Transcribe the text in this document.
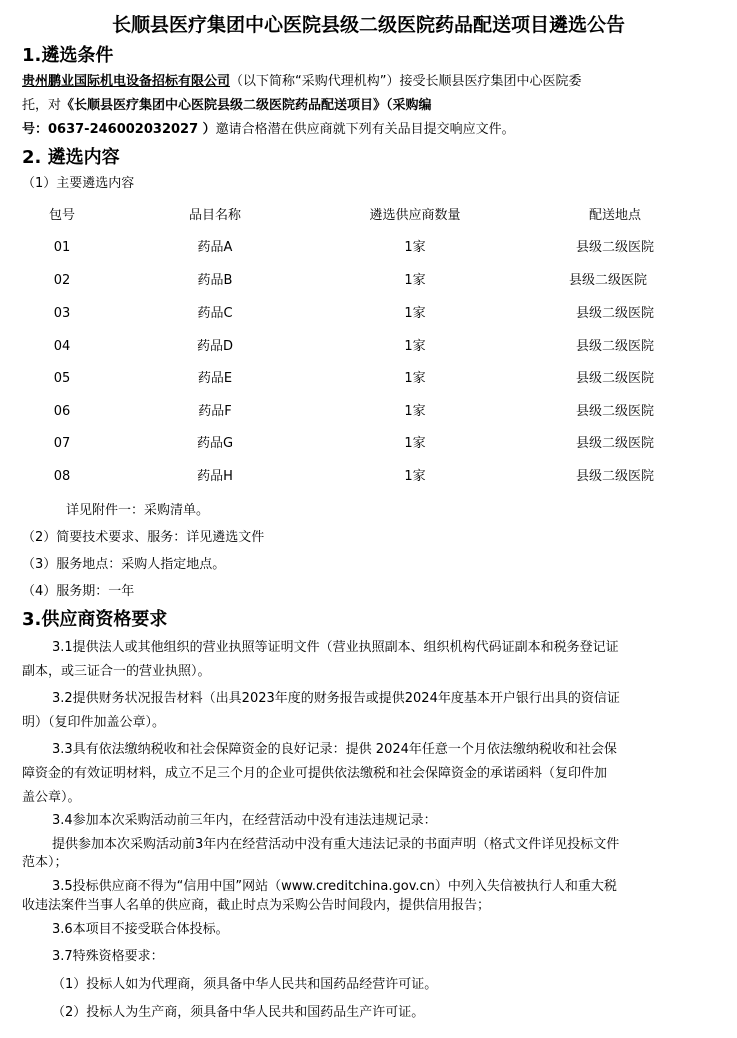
长顺县医疗集团中心医院县级二级医院药品配送项目遴选公告
1.遴选条件
贵州鹏业国际机电设备招标有限公司（以下简称“采购代理机构”）接受长顺县医疗集团中心医院委
托，对《长顺县医疗集团中心医院县级二级医院药品配送项目》（采购编
号：0637-246002032027 ）邀请合格潜在供应商就下列有关品目提交响应文件。
2. 遴选内容
（1）主要遴选内容
包号	品目名称	遴选供应商数量	配送地点
01	药品A	1家	县级二级医院
02	药品B	1家	县级二级医院
03	药品C	1家	县级二级医院
04	药品D	1家	县级二级医院
05	药品E	1家	县级二级医院
06	药品F	1家	县级二级医院
07	药品G	1家	县级二级医院
08	药品H	1家	县级二级医院
详见附件一：采购清单。
（2）简要技术要求、服务：详见遴选文件
（3）服务地点：采购人指定地点。
（4）服务期：一年
3.供应商资格要求
3.1提供法人或其他组织的营业执照等证明文件（营业执照副本、组织机构代码证副本和税务登记证
副本，或三证合一的营业执照）。
3.2提供财务状况报告材料（出具2023年度的财务报告或提供2024年度基本开户银行出具的资信证
明）（复印件加盖公章）。
3.3具有依法缴纳税收和社会保障资金的良好记录：提供 2024年任意一个月依法缴纳税收和社会保
障资金的有效证明材料，成立不足三个月的企业可提供依法缴税和社会保障资金的承诺函料（复印件加
盖公章）。
3.4参加本次采购活动前三年内，在经营活动中没有违法违规记录：
提供参加本次采购活动前3年内在经营活动中没有重大违法记录的书面声明（格式文件详见投标文件
范本）；
3.5投标供应商不得为“信用中国”网站（www.creditchina.gov.cn）中列入失信被执行人和重大税
收违法案件当事人名单的供应商，截止时点为采购公告时间段内，提供信用报告；
3.6本项目不接受联合体投标。
3.7特殊资格要求：
（1）投标人如为代理商，须具备中华人民共和国药品经营许可证。
（2）投标人为生产商，须具备中华人民共和国药品生产许可证。
